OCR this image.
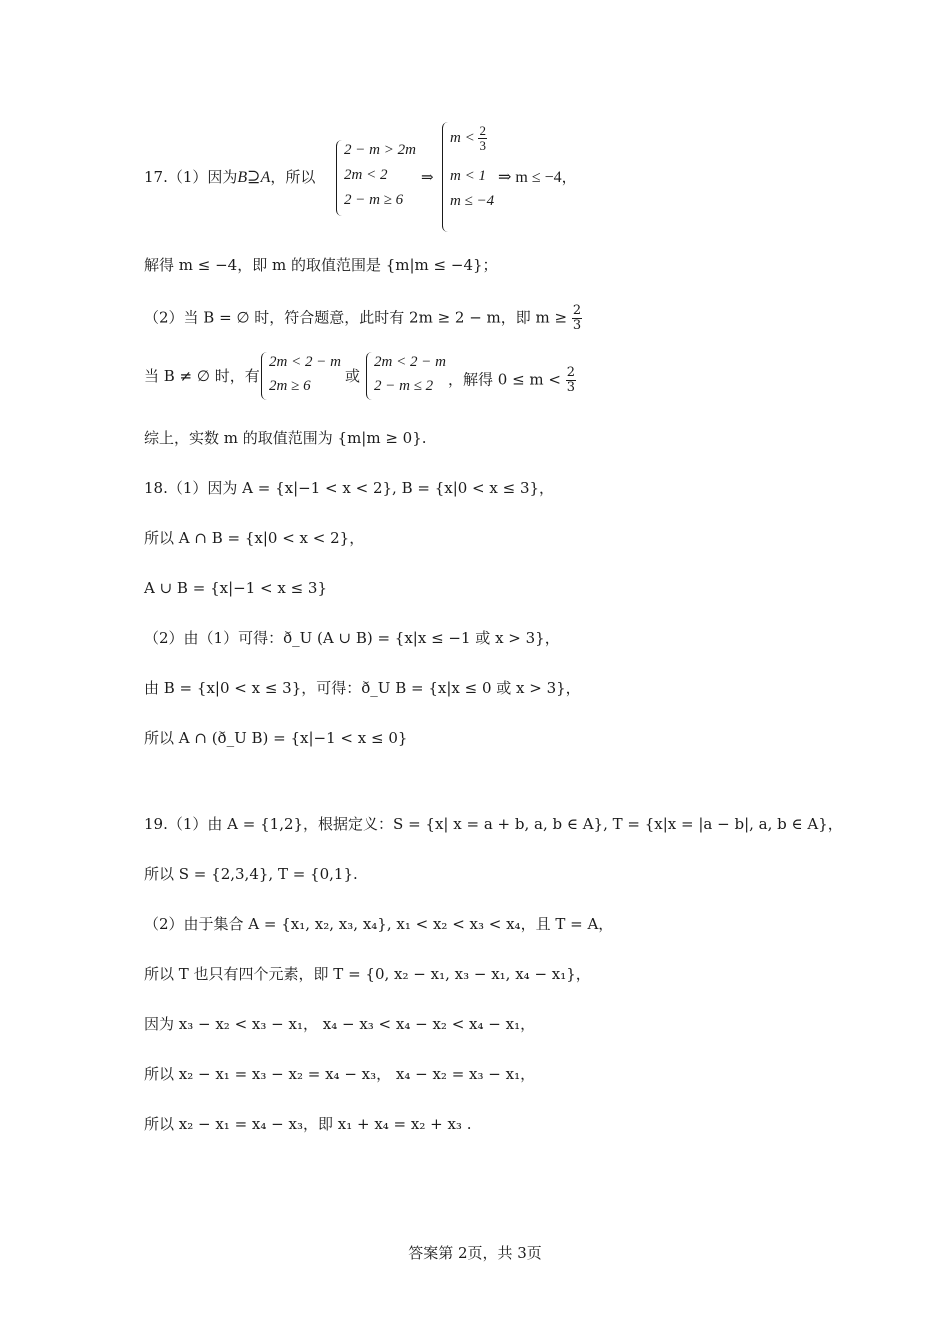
17.（1）因为B⊇A，所以
2 − m > 2m
2m < 2
2 − m ≥ 6
⇒
$m < \frac{2}{3}$
m < 1
m ≤ −4
⇒ m ≤ −4，
解得 m ≤ −4，即 m 的取值范围是 {m|m ≤ −4}；
（2）当 B = ∅ 时，符合题意，此时有 2m ≥ 2 − m，即 $m \ge \frac{2}{3}$
当 B ≠ ∅ 时，有
2m < 2 − m
2m ≥ 6
或
2m < 2 − m
2 − m ≤ 2 ，解得 $0 \le m < \frac{2}{3}$
综上，实数 m 的取值范围为 {m|m ≥ 0}.
18.（1）因为 A = {x|−1 < x < 2}, B = {x|0 < x ≤ 3}，
所以 A ∩ B = {x|0 < x < 2}，
A ∪ B = {x|−1 < x ≤ 3}
（2）由（1）可得：ð_U (A ∪ B) = {x|x ≤ −1 或 x > 3}，
由 B = {x|0 < x ≤ 3}，可得：ð_U B = {x|x ≤ 0 或 x > 3}，
所以 A ∩ (ð_U B) = {x|−1 < x ≤ 0}
19.（1）由 A = {1,2}，根据定义：S = {x| x = a + b, a, b ∈ A}, T = {x|x = |a − b|, a, b ∈ A}，
所以 S = {2,3,4}, T = {0,1}.
（2）由于集合 A = {x₁, x₂, x₃, x₄}, x₁ < x₂ < x₃ < x₄，且 T = A，
所以 T 也只有四个元素，即 T = {0, x₂ − x₁, x₃ − x₁, x₄ − x₁}，
因为 x₃ − x₂ < x₃ − x₁， x₄ − x₃ < x₄ − x₂ < x₄ − x₁，
所以 x₂ − x₁ = x₃ − x₂ = x₄ − x₃， x₄ − x₂ = x₃ − x₁，
所以 x₂ − x₁ = x₄ − x₃，即 x₁ + x₄ = x₂ + x₃ .
答案第 2页，共 3页
